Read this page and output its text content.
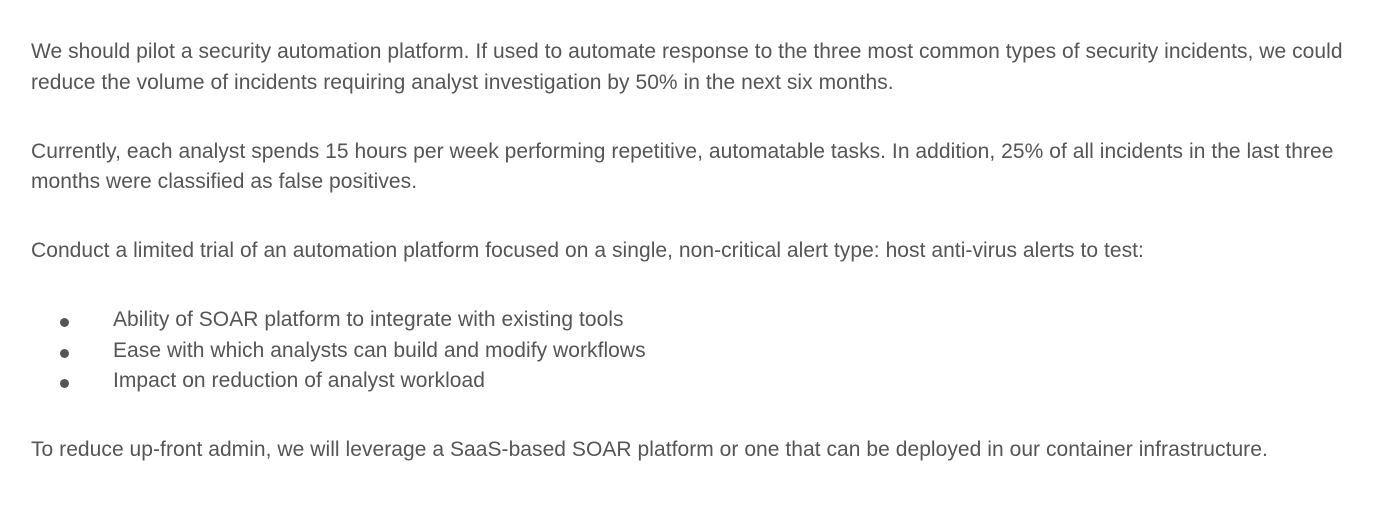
We should pilot a security automation platform. If used to automate response to the three most common types of security incidents, we could reduce the volume of incidents requiring analyst investigation by 50% in the next six months.

Currently, each analyst spends 15 hours per week performing repetitive, automatable tasks. In addition, 25% of all incidents in the last three months were classified as false positives.

Conduct a limited trial of an automation platform focused on a single, non-critical alert type: host anti-virus alerts to test:

Ability of SOAR platform to integrate with existing tools
Ease with which analysts can build and modify workflows
Impact on reduction of analyst workload

To reduce up-front admin, we will leverage a SaaS-based SOAR platform or one that can be deployed in our container infrastructure.
